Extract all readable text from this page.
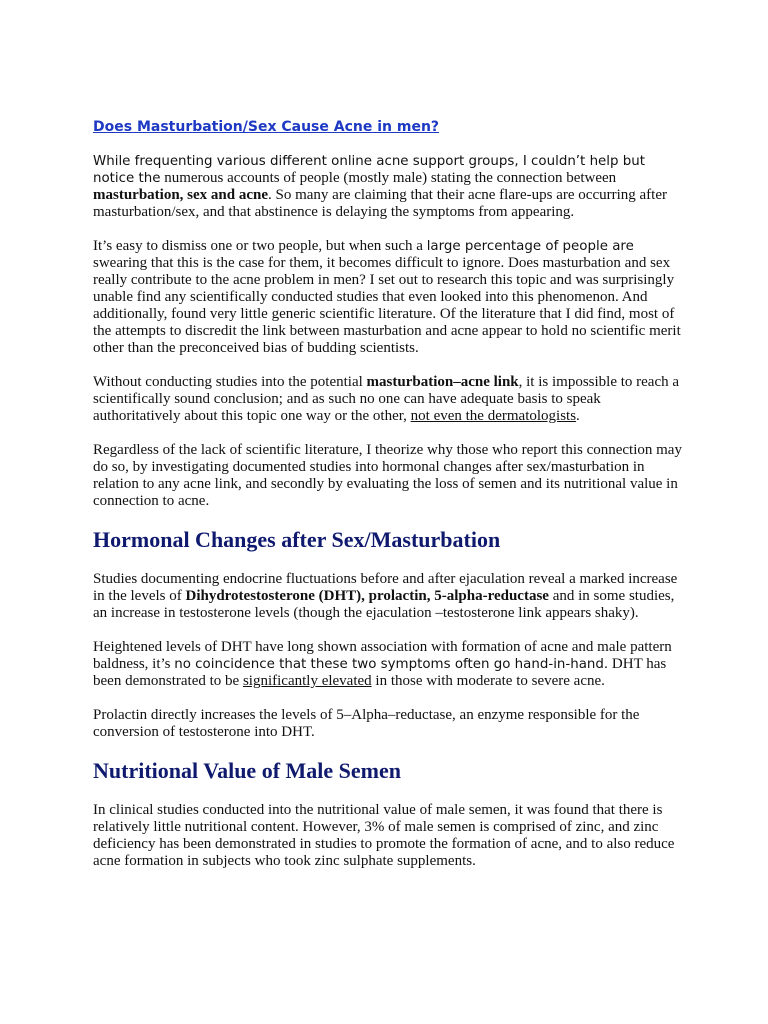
Does Masturbation/Sex Cause Acne in men?

While frequenting various different online acne support groups, I couldn’t help but notice the numerous accounts of people (mostly male) stating the connection between masturbation, sex and acne. So many are claiming that their acne flare-ups are occurring after masturbation/sex, and that abstinence is delaying the symptoms from appearing.

It’s easy to dismiss one or two people, but when such a large percentage of people are swearing that this is the case for them, it becomes difficult to ignore. Does masturbation and sex really contribute to the acne problem in men? I set out to research this topic and was surprisingly unable find any scientifically conducted studies that even looked into this phenomenon. And additionally, found very little generic scientific literature. Of the literature that I did find, most of the attempts to discredit the link between masturbation and acne appear to hold no scientific merit other than the preconceived bias of budding scientists.

Without conducting studies into the potential masturbation–acne link, it is impossible to reach a scientifically sound conclusion; and as such no one can have adequate basis to speak authoritatively about this topic one way or the other, not even the dermatologists.

Regardless of the lack of scientific literature, I theorize why those who report this connection may do so, by investigating documented studies into hormonal changes after sex/masturbation in relation to any acne link, and secondly by evaluating the loss of semen and its nutritional value in connection to acne.

Hormonal Changes after Sex/Masturbation

Studies documenting endocrine fluctuations before and after ejaculation reveal a marked increase in the levels of Dihydrotestosterone (DHT), prolactin, 5-alpha-reductase and in some studies, an increase in testosterone levels (though the ejaculation –testosterone link appears shaky).

Heightened levels of DHT have long shown association with formation of acne and male pattern baldness, it’s no coincidence that these two symptoms often go hand-in-hand. DHT has been demonstrated to be significantly elevated in those with moderate to severe acne.

Prolactin directly increases the levels of 5–Alpha–reductase, an enzyme responsible for the conversion of testosterone into DHT.

Nutritional Value of Male Semen

In clinical studies conducted into the nutritional value of male semen, it was found that there is relatively little nutritional content. However, 3% of male semen is comprised of zinc, and zinc deficiency has been demonstrated in studies to promote the formation of acne, and to also reduce acne formation in subjects who took zinc sulphate supplements.
